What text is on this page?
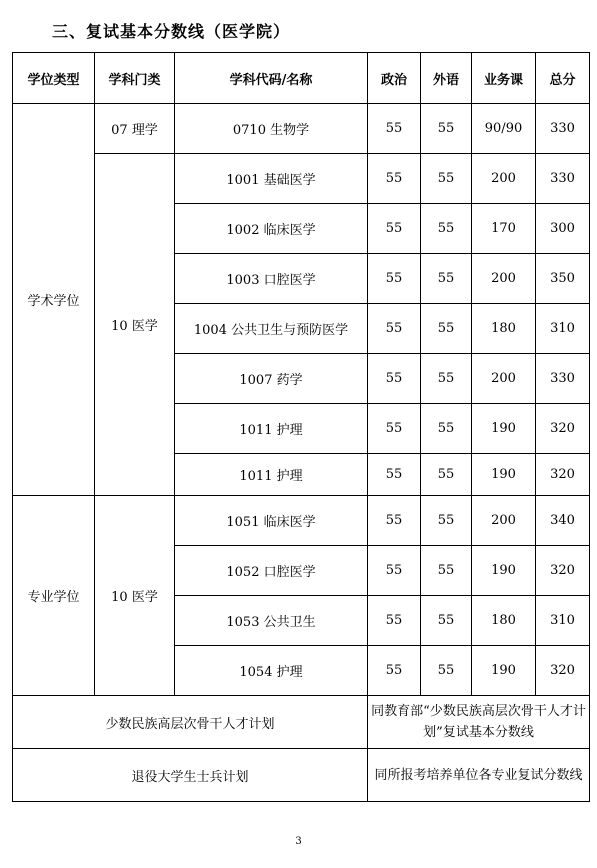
三、复试基本分数线（医学院）
学位类型	学科门类	学科代码/名称	政治	外语	业务课	总分
学术学位	07 理学	0710 生物学	55	55	90/90	330
	10 医学	1001 基础医学	55	55	200	330
		1002 临床医学	55	55	170	300
		1003 口腔医学	55	55	200	350
		1004 公共卫生与预防医学	55	55	180	310
		1007 药学	55	55	200	330
		1011 护理	55	55	190	320
		1011 护理	55	55	190	320
专业学位	10 医学	1051 临床医学	55	55	200	340
		1052 口腔医学	55	55	190	320
		1053 公共卫生	55	55	180	310
		1054 护理	55	55	190	320
少数民族高层次骨干人才计划			同教育部“少数民族高层次骨干人才计划”复试基本分数线			
退役大学生士兵计划			同所报考培养单位各专业复试分数线			
3
